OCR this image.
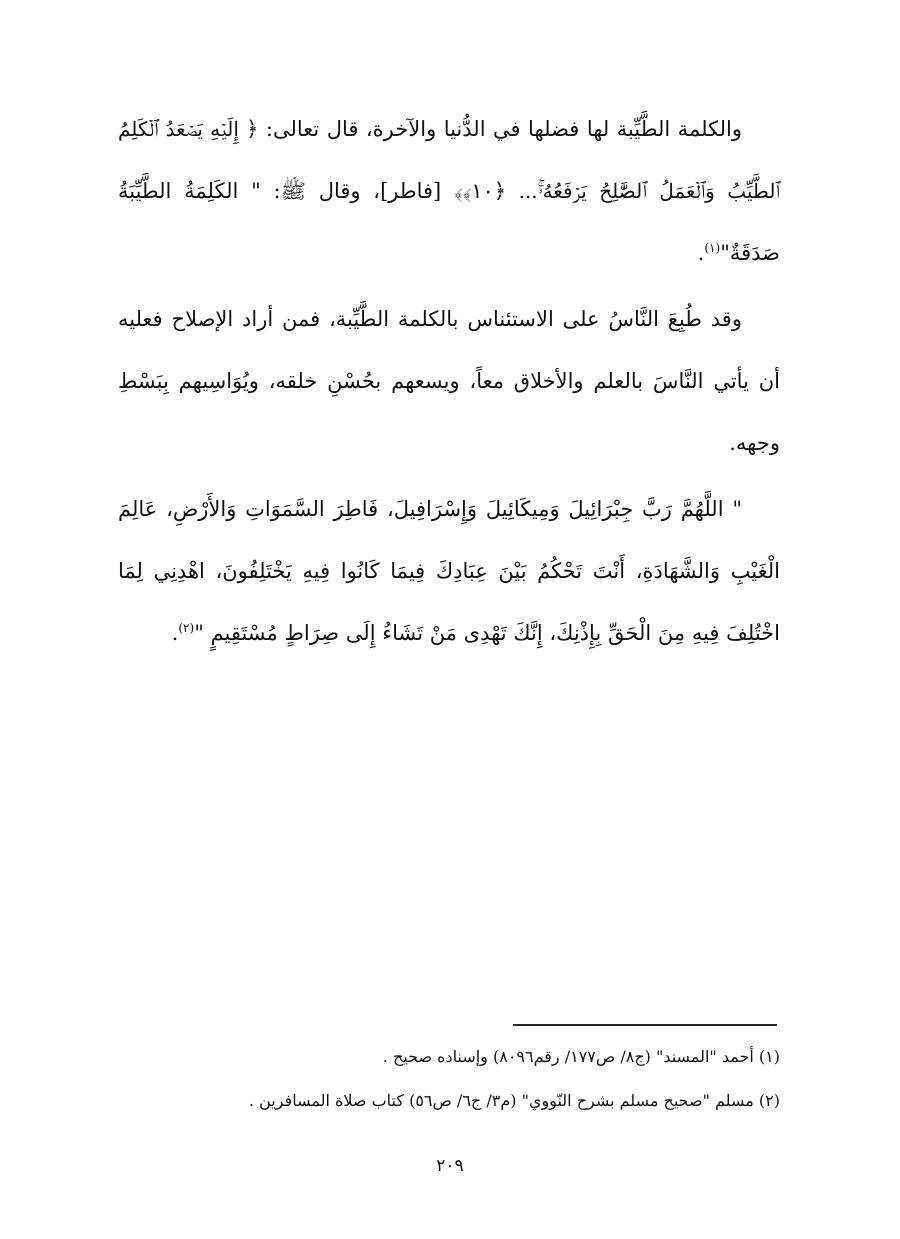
والكلمة الطَّيِّبة لها فضلها في الدُّنيا والآخرة، قال تعالى: ﴿ إِلَيۡهِ يَصۡعَدُ ٱلۡكَلِمُ ٱلطَّيِّبُ وَٱلۡعَمَلُ ٱلصَّٰلِحُ يَرۡفَعُهُۥۚ... ﴿١٠﴾﴾ [فاطر]، وقال ﷺ: " الكَلِمَةُ الطَّيِّبَةُ صَدَقَةٌ"$^{(١)}$.

وقد طُبِعَ النَّاسُ على الاستئناس بالكلمة الطَّيِّبة، فمن أراد الإصلاح فعليه أن يأتي النَّاسَ بالعلم والأخلاق معاً، ويسعهم بحُسْنِ خلقه، ويُوَاسِيهم بِبَسْطِ وجهه.

" اللَّهُمَّ رَبَّ جِبْرَائِيلَ وَمِيكَائِيلَ وَإِسْرَافِيلَ، فَاطِرَ السَّمَوَاتِ وَالأَرْضِ، عَالِمَ الْغَيْبِ وَالشَّهَادَةِ، أَنْتَ تَحْكُمُ بَيْنَ عِبَادِكَ فِيمَا كَانُوا فِيهِ يَخْتَلِفُونَ، اهْدِنِي لِمَا اخْتُلِفَ فِيهِ مِنَ الْحَقِّ بِإِذْنِكَ، إِنَّكَ تَهْدِى مَنْ تَشَاءُ إِلَى صِرَاطٍ مُسْتَقِيمٍ "$^{(٢)}$.

(١) أحمد "المسند" (ج٨/ ص١٧٧/ رقم٨٠٩٦) وإسناده صحيح .

(٢) مسلم "صحيح مسلم بشرح النّووي" (م٣/ ج٦/ ص٥٦) كتاب صلاة المسافرين .

٢٠٩
